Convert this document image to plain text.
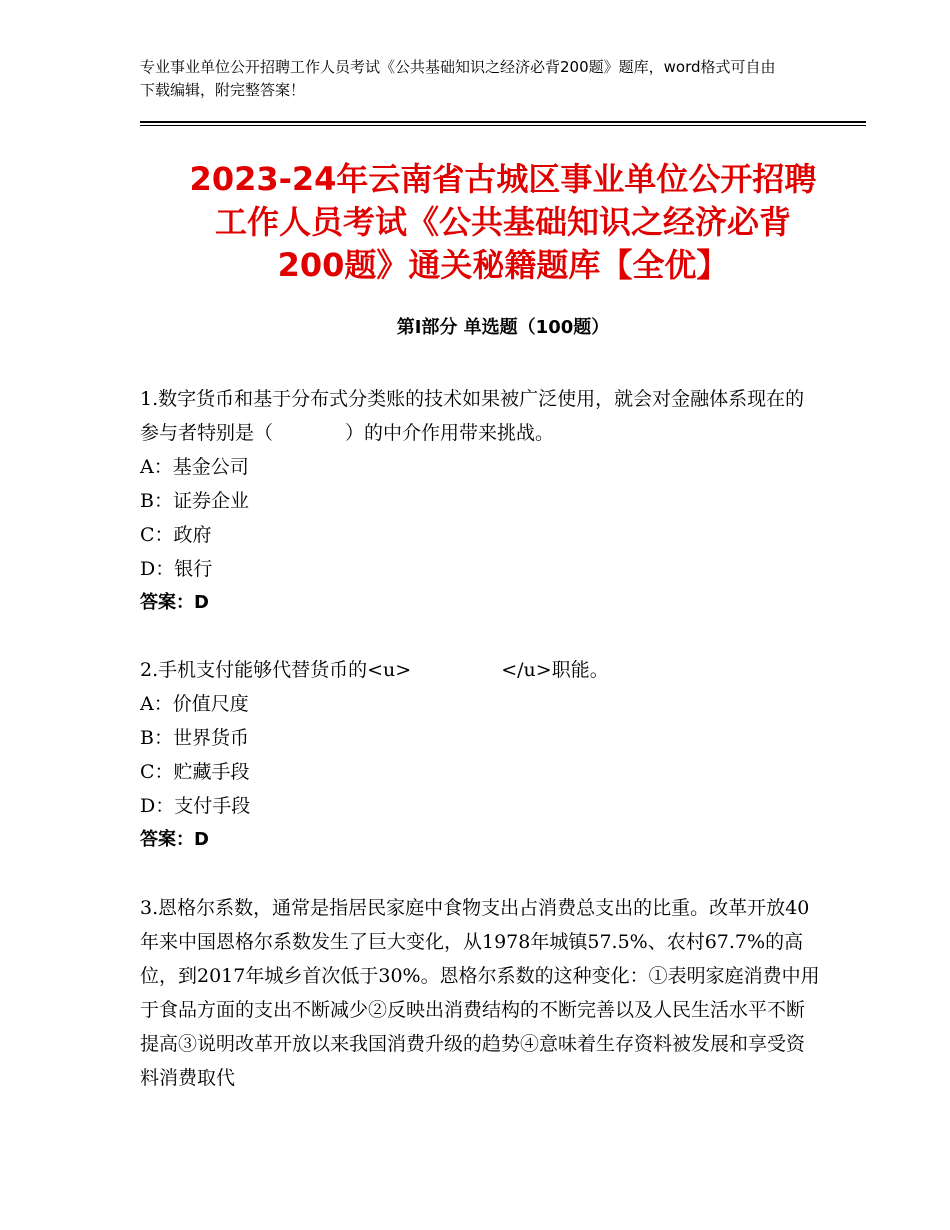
专业事业单位公开招聘工作人员考试《公共基础知识之经济必背200题》题库，word格式可自由下载编辑，附完整答案！
2023-24年云南省古城区事业单位公开招聘
工作人员考试《公共基础知识之经济必背
200题》通关秘籍题库【全优】
第Ⅰ部分 单选题（100题）

1.数字货币和基于分布式分类账的技术如果被广泛使用，就会对金融体系现在的参与者特别是（	）的中介作用带来挑战。

A：基金公司

B：证券企业

C：政府

D：银行

答案：D

2.手机支付能够代替货币的<u>	</u>职能。

A：价值尺度

B：世界货币

C：贮藏手段

D：支付手段

答案：D

3.恩格尔系数，通常是指居民家庭中食物支出占消费总支出的比重。改革开放40年来中国恩格尔系数发生了巨大变化，从1978年城镇57.5%、农村67.7%的高位，到2017年城乡首次低于30%。恩格尔系数的这种变化：①表明家庭消费中用于食品方面的支出不断减少②反映出消费结构的不断完善以及人民生活水平不断提高③说明改革开放以来我国消费升级的趋势④意味着生存资料被发展和享受资料消费取代
